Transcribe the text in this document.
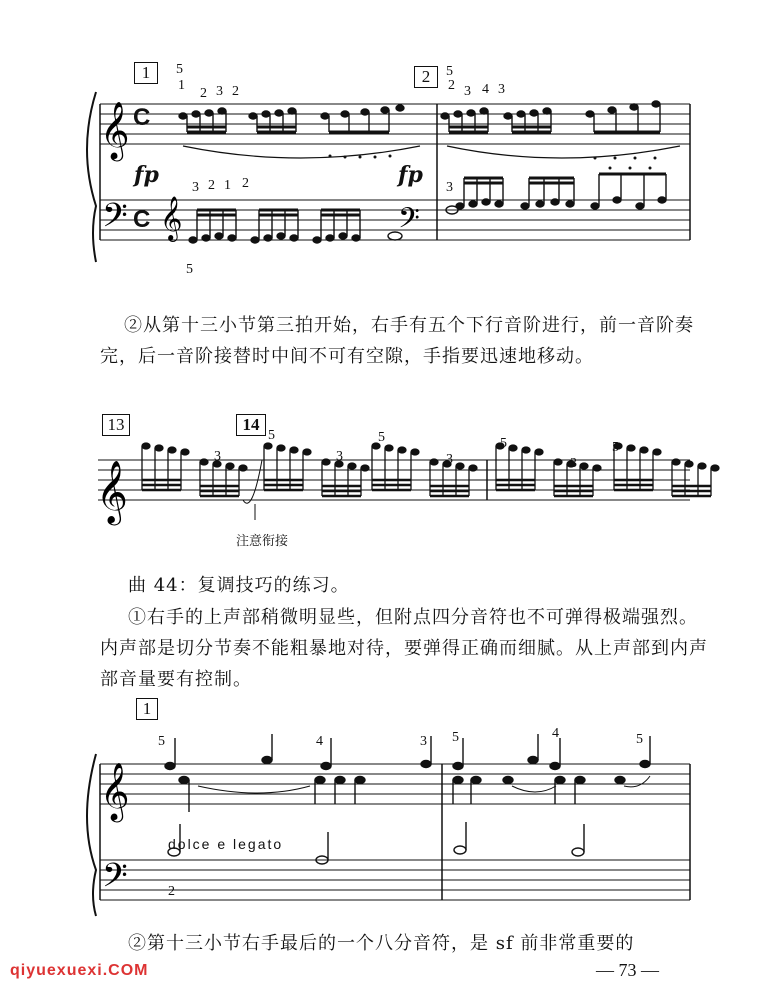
𝄞
𝄢 𝄞	𝄢
1	2
5
1
2 3 2
5
2 3 4 3
3 2 1 2
5
3
C
C
fp	fp
②从第十三小节第三拍开始，右手有五个下行音阶进行，前一音阶奏完，后一音阶接替时中间不可有空隙，手指要迅速地移动。
𝄞
13	14
3
5
3
5
3
5
3
5
注意衔接
曲 44：复调技巧的练习。
①右手的上声部稍微明显些，但附点四分音符也不可弹得极端强烈。内声部是切分节奏不能粗暴地对待，要弹得正确而细腻。从上声部到内声部音量要有控制。
𝄞
𝄢
1
5	4	3 5	4	5
2
dolce e legato
②第十三小节右手最后的一个八分音符，是 sf 前非常重要的
qiyuexuexi.COM	— 73 —
